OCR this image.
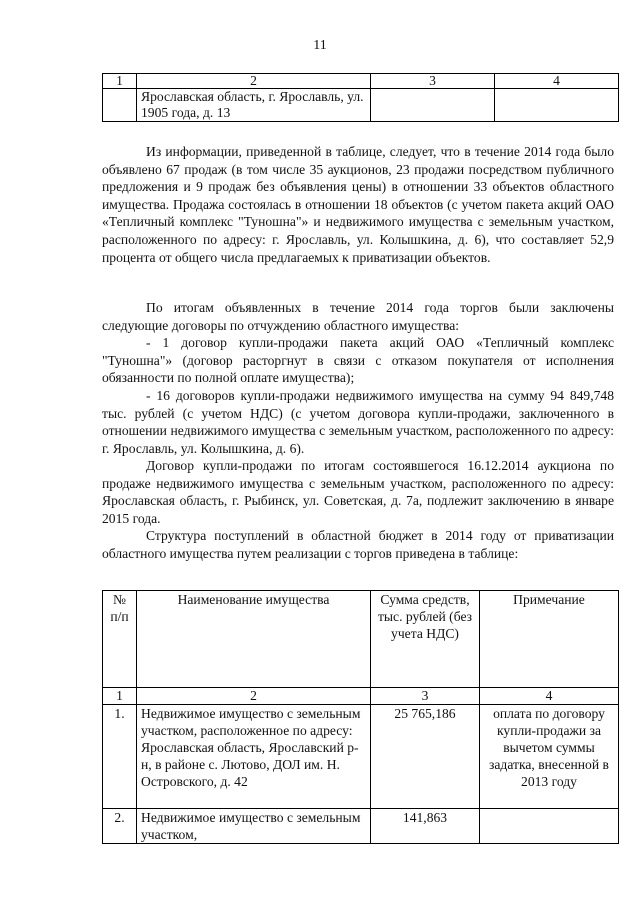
11
1	2	3	4
	Ярославская область, г. Ярославль, ул. 1905 года, д. 13		
Из информации, приведенной в таблице, следует, что в течение 2014 года было объявлено 67 продаж (в том числе 35 аукционов, 23 продажи посредством публичного предложения и 9 продаж без объявления цены) в отношении 33 объектов областного имущества. Продажа состоялась в отношении 18 объектов (с учетом пакета акций ОАО «Тепличный комплекс "Туношна"» и недвижимого имущества с земельным участком, расположенного по адресу: г. Ярославль, ул. Колышкина, д. 6), что составляет 52,9 процента от общего числа предлагаемых к приватизации объектов.
По итогам объявленных в течение 2014 года торгов были заключены следующие договоры по отчуждению областного имущества:
- 1 договор купли-продажи пакета акций ОАО «Тепличный комплекс "Туношна"» (договор расторгнут в связи с отказом покупателя от исполнения обязанности по полной оплате имущества);
- 16 договоров купли-продажи недвижимого имущества на сумму 94 849,748 тыс. рублей (с учетом НДС) (с учетом договора купли-продажи, заключенного в отношении недвижимого имущества с земельным участком, расположенного по адресу: г. Ярославль, ул. Колышкина, д. 6).
Договор купли-продажи по итогам состоявшегося 16.12.2014 аукциона по продаже недвижимого имущества с земельным участком, расположенного по адресу: Ярославская область, г. Рыбинск, ул. Советская, д. 7а, подлежит заключению в январе 2015 года.
Структура поступлений в областной бюджет в 2014 году от приватизации областного имущества путем реализации с торгов приведена в таблице:
№ п/п	Наименование имущества	Сумма средств, тыс. рублей (без учета НДС)	Примечание
1	2	3	4
1.	Недвижимое имущество с земельным участком, расположенное по адресу: Ярославская область, Ярославский р-н, в районе с. Лютово, ДОЛ им. Н. Островского, д. 42	25 765,186	оплата по договору купли-продажи за вычетом суммы задатка, внесенной в 2013 году
2.	Недвижимое имущество с земельным участком,	141,863	
